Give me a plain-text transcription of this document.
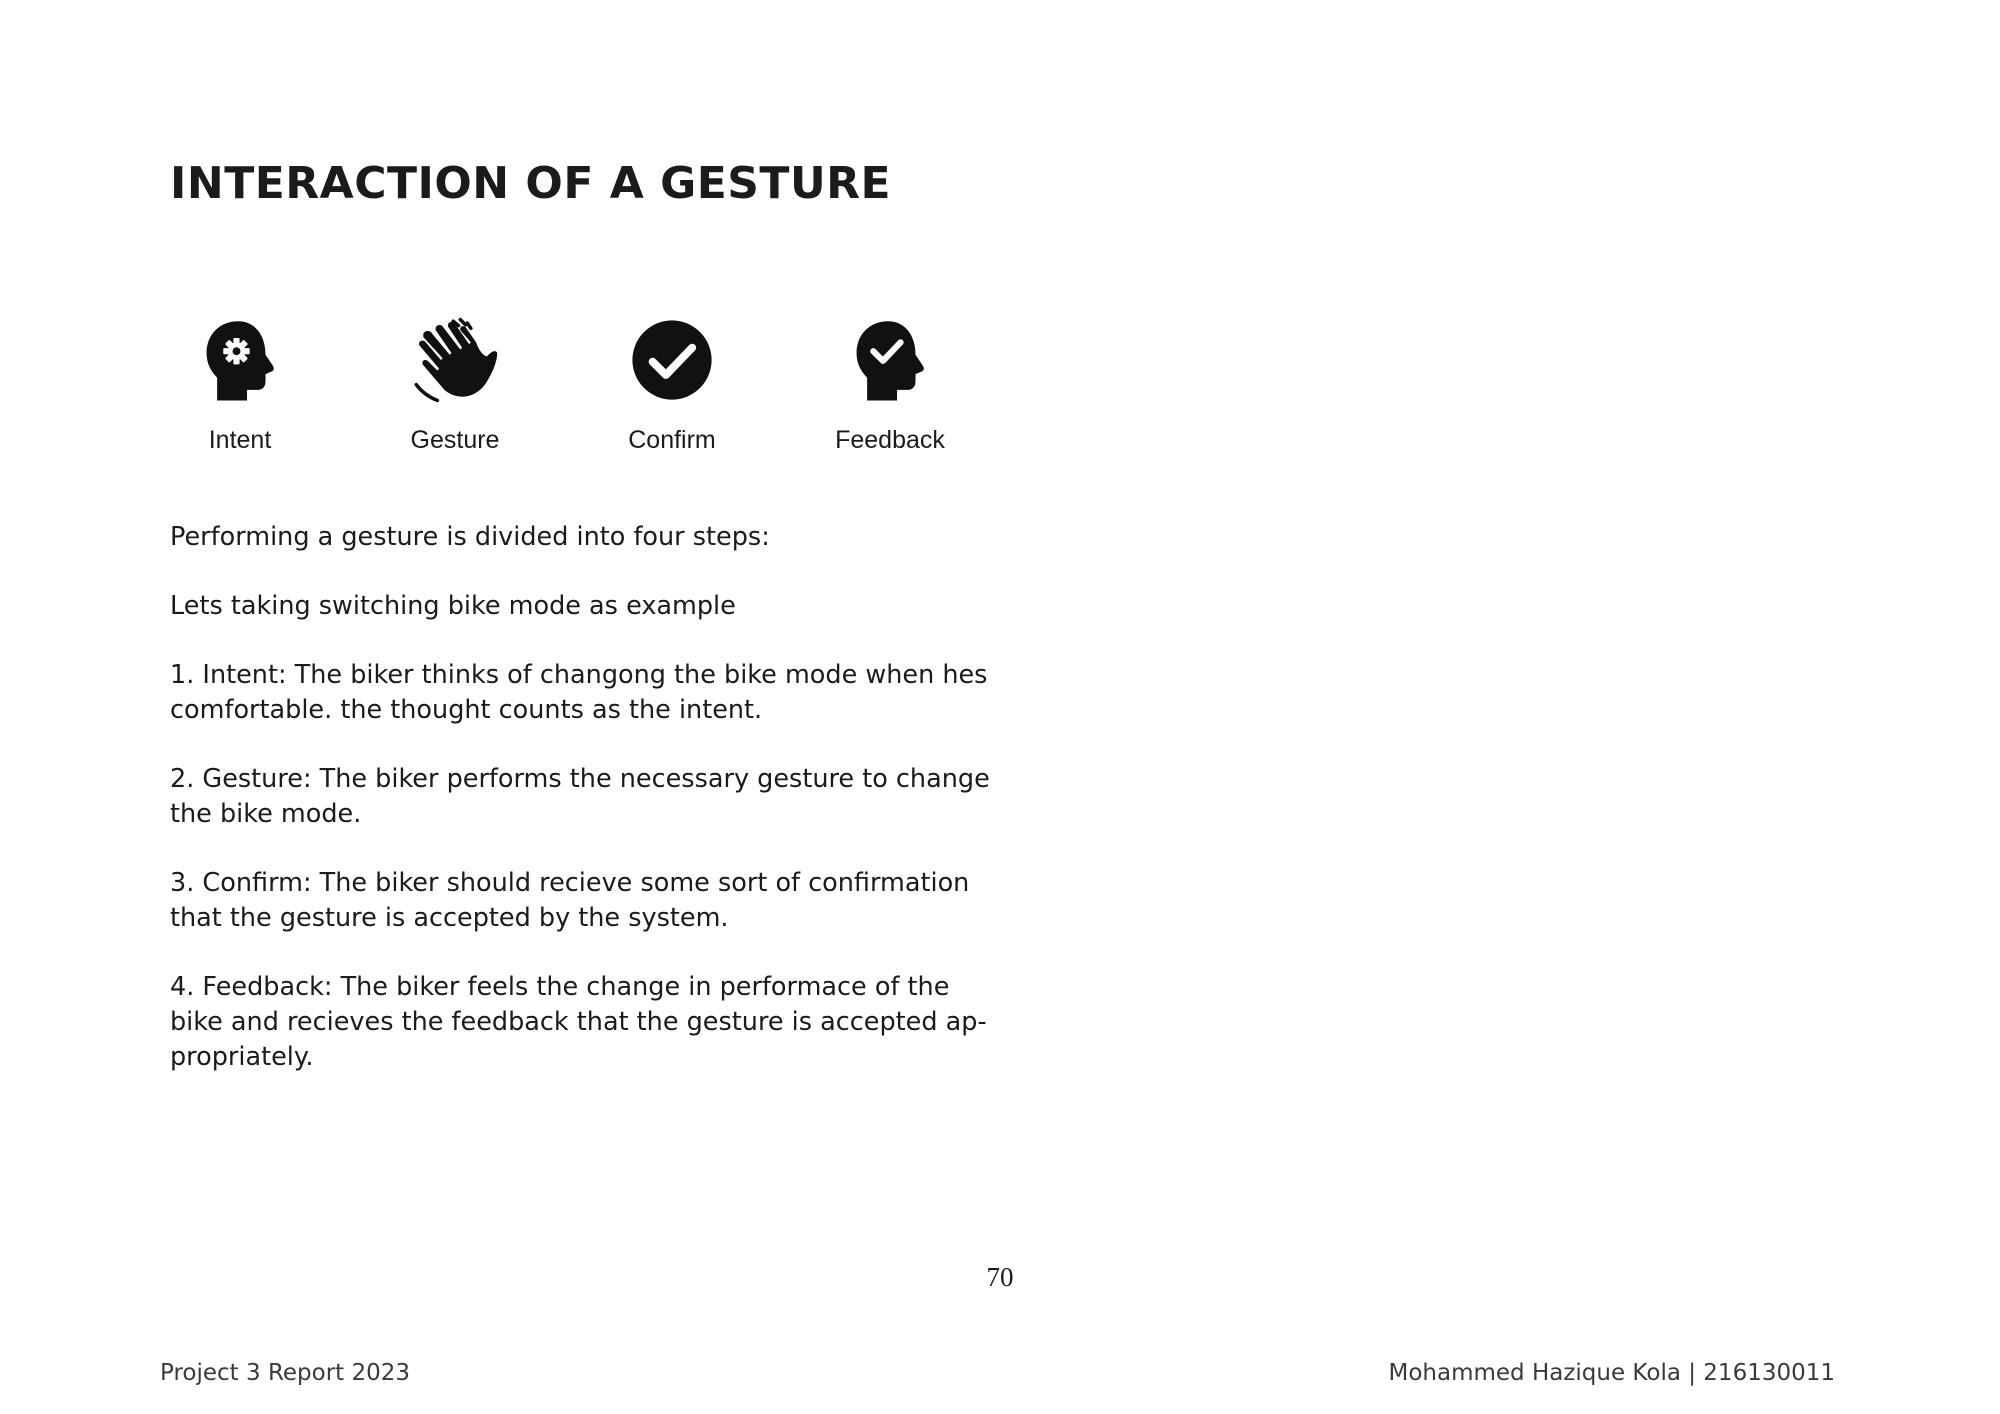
INTERACTION OF A GESTURE
Intent	Gesture	Confirm	Feedback

Performing a gesture is divided into four steps:

Lets taking switching bike mode as example

1. Intent: The biker thinks of changong the bike mode when hes
comfortable. the thought counts as the intent.

2. Gesture: The biker performs the necessary gesture to change
the bike mode.

3. Confirm: The biker should recieve some sort of confirmation
that the gesture is accepted by the system.

4. Feedback: The biker feels the change in performace of the
bike and recieves the feedback that the gesture is accepted ap-
propriately.

70
Project 3 Report 2023	Mohammed Hazique Kola | 216130011
